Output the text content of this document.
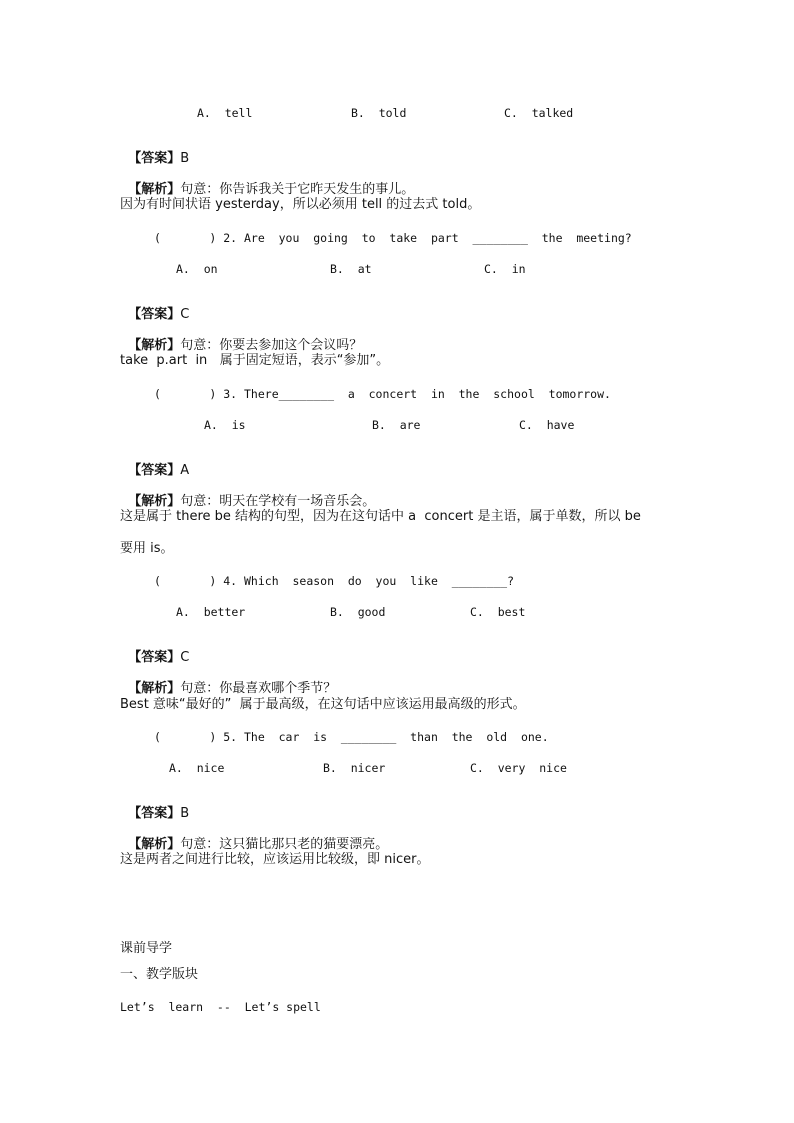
A.  tell	B.  told	C.  talked

【答案】B

【解析】句意：你告诉我关于它昨天发生的事儿。

因为有时间状语 yesterday，所以必须用 tell 的过去式 told。
(       ) 2. Are  you  going  to  take  part  ________  the  meeting?
A.  on	B.  at	C.  in

【答案】C

【解析】句意：你要去参加这个会议吗？

take  p.art  in   属于固定短语，表示“参加”。
(       ) 3. There________  a  concert  in  the  school  tomorrow.
A.  is	B.  are	C.  have

【答案】A

【解析】句意：明天在学校有一场音乐会。

这是属于 there be 结构的句型，因为在这句话中 a  concert 是主语，属于单数，所以 be
要用 is。
(       ) 4. Which  season  do  you  like  ________?
A.  better	B.  good	C.  best

【答案】C

【解析】句意：你最喜欢哪个季节？

Best 意味“最好的”  属于最高级，在这句话中应该运用最高级的形式。
(       ) 5. The  car  is  ________  than  the  old  one.
A.  nice	B.  nicer	C.  very  nice

【答案】B

【解析】句意：这只猫比那只老的猫要漂亮。

这是两者之间进行比较，应该运用比较级，即 nicer。
课前导学
一、教学版块
Let’s  learn  --  Let’s spell
